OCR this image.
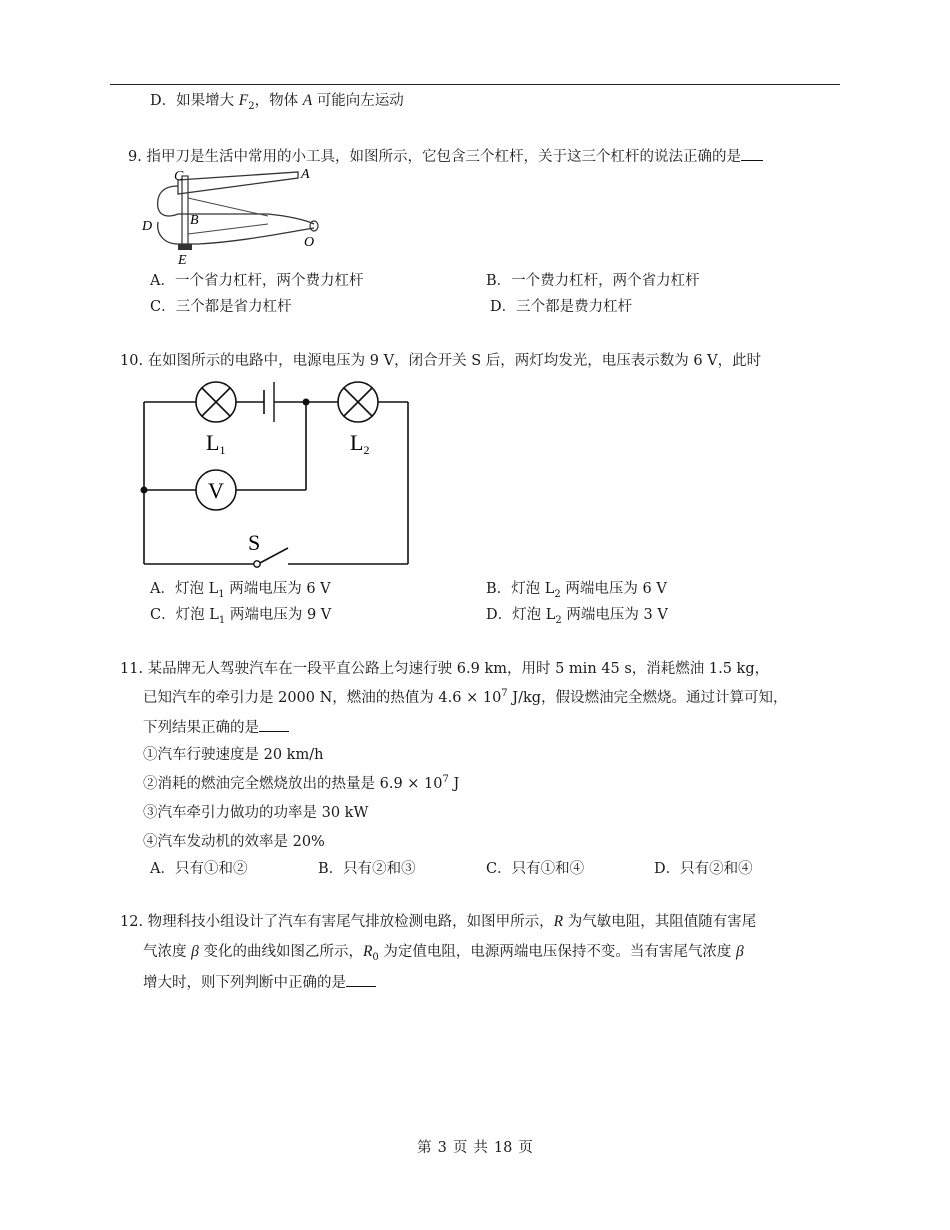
D．如果增大 $F_2$，物体 A 可能向左运动
9. 指甲刀是生活中常用的小工具，如图所示，它包含三个杠杆，关于这三个杠杆的说法正确的是
C	A
B
D
O
E
A．一个省力杠杆，两个费力杠杆	B．一个费力杠杆，两个省力杠杆
C．三个都是省力杠杆	D．三个都是费力杠杆
10. 在如图所示的电路中，电源电压为 9 V，闭合开关 S 后，两灯均发光，电压表示数为 6 V，此时
V
L1	L2
S
A．灯泡 $L_1$ 两端电压为 6 V	B．灯泡 $L_2$ 两端电压为 6 V
C．灯泡 $L_1$ 两端电压为 9 V	D．灯泡 $L_2$ 两端电压为 3 V
11. 某品牌无人驾驶汽车在一段平直公路上匀速行驶 6.9 km，用时 5 min 45 s，消耗燃油 1.5 kg，
已知汽车的牵引力是 2000 N，燃油的热值为 $4.6 \times 10^7$ J/kg，假设燃油完全燃烧。通过计算可知，
下列结果正确的是
①汽车行驶速度是 20 km/h
②消耗的燃油完全燃烧放出的热量是 $6.9 \times 10^7$ J
③汽车牵引力做功的功率是 30 kW
④汽车发动机的效率是 20%
A．只有①和②	B．只有②和③	C．只有①和④	D．只有②和④
12. 物理科技小组设计了汽车有害尾气排放检测电路，如图甲所示，R 为气敏电阻，其阻值随有害尾
气浓度 β 变化的曲线如图乙所示，$R_0$ 为定值电阻，电源两端电压保持不变。当有害尾气浓度 β
增大时，则下列判断中正确的是
第 3 页 共 18 页
